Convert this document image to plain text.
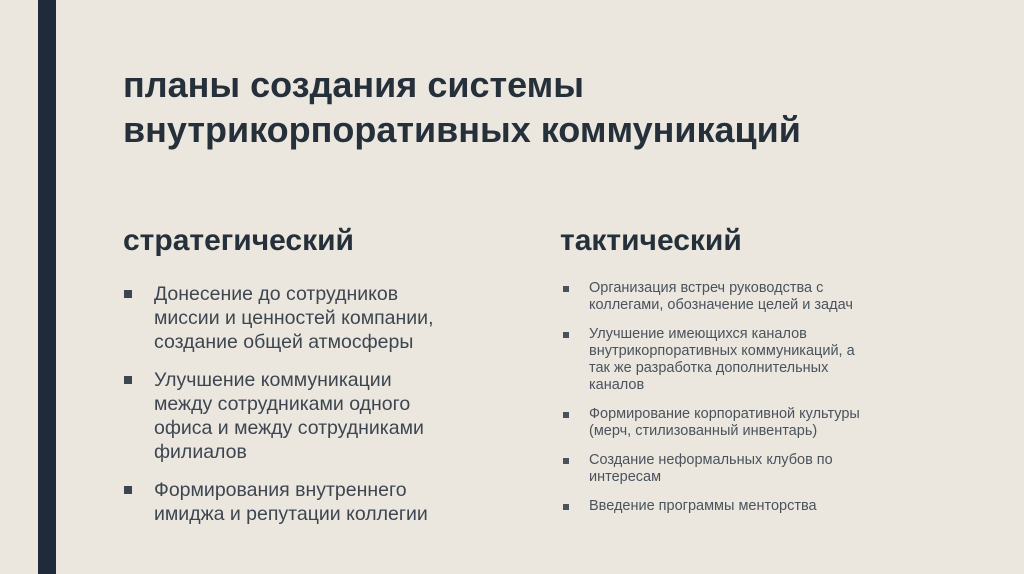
планы создания системы
внутрикорпоративных коммуникаций
стратегический
Донесение до сотрудников
миссии и ценностей компании,
создание общей атмосферы
Улучшение коммуникации
между сотрудниками одного
офиса и между сотрудниками
филиалов
Формирования внутреннего
имиджа и репутации коллегии
тактический
Организация встреч руководства с
коллегами, обозначение целей и задач
Улучшение имеющихся каналов
внутрикорпоративных коммуникаций, а
так же разработка дополнительных
каналов
Формирование корпоративной культуры
(мерч, стилизованный инвентарь)
Создание неформальных клубов по
интересам
Введение программы менторства
